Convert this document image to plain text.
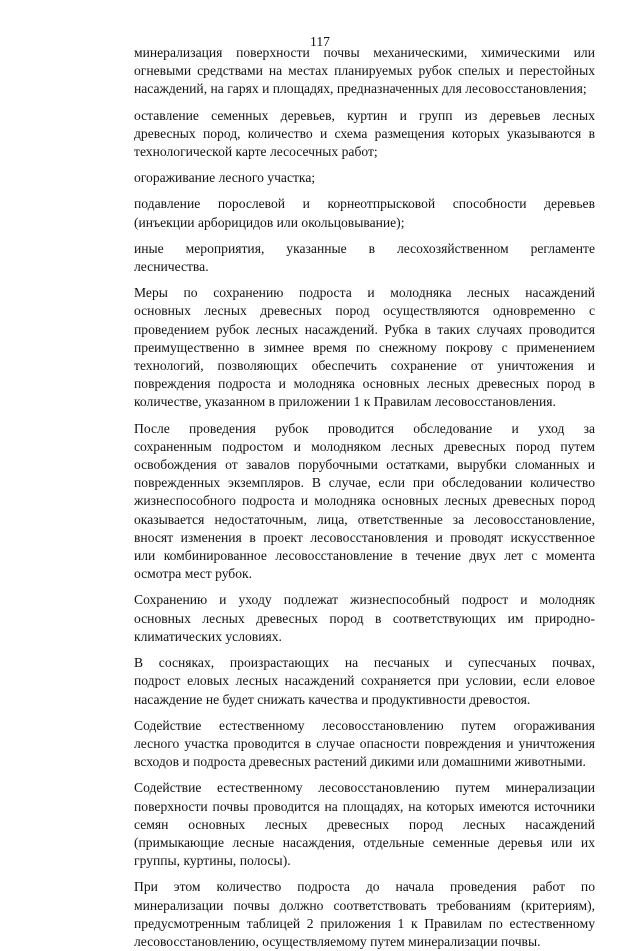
117
минерализация поверхности почвы механическими, химическими или
огневыми средствами на местах планируемых рубок спелых и перестойных
насаждений, на гарях и площадях, предназначенных для лесовосстановления;
оставление семенных деревьев, куртин и групп из деревьев лесных
древесных пород, количество и схема размещения которых указываются в
технологической карте лесосечных работ;
огораживание лесного участка;
подавление порослевой и корнеотпрысковой способности деревьев
(инъекции арборицидов или окольцовывание);
иные мероприятия, указанные в лесохозяйственном регламенте
лесничества.
Меры по сохранению подроста и молодняка лесных насаждений
основных лесных древесных пород осуществляются одновременно с
проведением рубок лесных насаждений. Рубка в таких случаях проводится
преимущественно в зимнее время по снежному покрову с применением
технологий, позволяющих обеспечить сохранение от уничтожения и
повреждения подроста и молодняка основных лесных древесных пород в
количестве, указанном в приложении 1 к Правилам лесовосстановления.
После проведения рубок проводится обследование и уход за
сохраненным подростом и молодняком лесных древесных пород путем
освобождения от завалов порубочными остатками, вырубки сломанных и
поврежденных экземпляров. В случае, если при обследовании количество
жизнеспособного подроста и молодняка основных лесных древесных пород
оказывается недостаточным, лица, ответственные за лесовосстановление,
вносят изменения в проект лесовосстановления и проводят искусственное
или комбинированное лесовосстановление в течение двух лет с момента
осмотра мест рубок.
Сохранению и уходу подлежат жизнеспособный подрост и молодняк
основных лесных древесных пород в соответствующих им природно-
климатических условиях.
В сосняках, произрастающих на песчаных и супесчаных почвах,
подрост еловых лесных насаждений сохраняется при условии, если еловое
насаждение не будет снижать качества и продуктивности древостоя.
Содействие естественному лесовосстановлению путем огораживания
лесного участка проводится в случае опасности повреждения и уничтожения
всходов и подроста древесных растений дикими или домашними животными.
Содействие естественному лесовосстановлению путем минерализации
поверхности почвы проводится на площадях, на которых имеются источники
семян основных лесных древесных пород лесных насаждений
(примыкающие лесные насаждения, отдельные семенные деревья или их
группы, куртины, полосы).
При этом количество подроста до начала проведения работ по
минерализации почвы должно соответствовать требованиям (критериям),
предусмотренным таблицей 2 приложения 1 к Правилам по естественному
лесовосстановлению, осуществляемому путем минерализации почвы.
